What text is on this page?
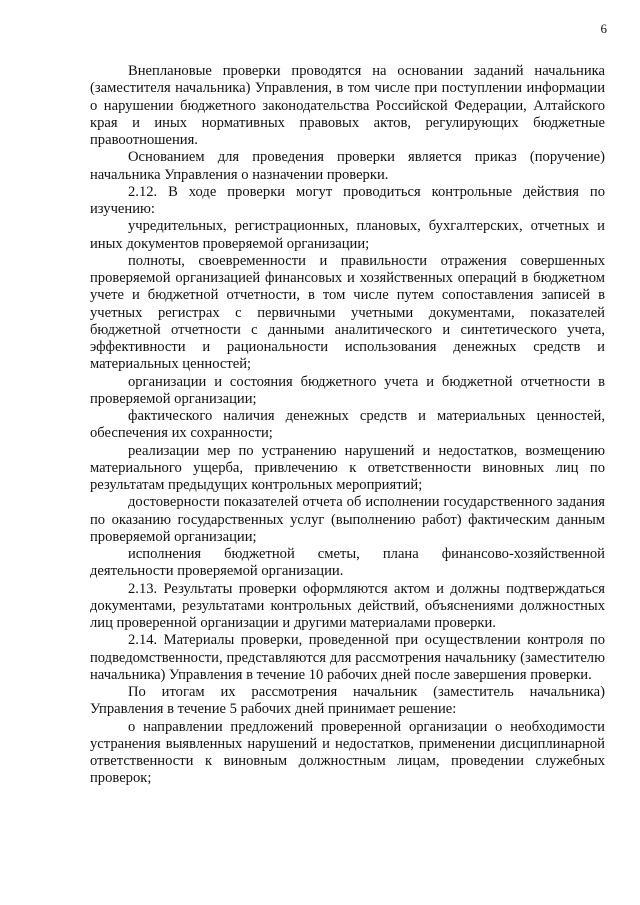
6

Внеплановые проверки проводятся на основании заданий начальника (заместителя начальника) Управления, в том числе при поступлении информации о нарушении бюджетного законодательства Российской Федерации, Алтайского края и иных нормативных правовых актов, регулирующих бюджетные правоотношения.

Основанием для проведения проверки является приказ (поручение) начальника Управления о назначении проверки.

2.12. В ходе проверки могут проводиться контрольные действия по изучению:

учредительных, регистрационных, плановых, бухгалтерских, отчетных и иных документов проверяемой организации;

полноты, своевременности и правильности отражения совершенных проверяемой организацией финансовых и хозяйственных операций в бюджетном учете и бюджетной отчетности, в том числе путем сопоставления записей в учетных регистрах с первичными учетными документами, показателей бюджетной отчетности с данными аналитического и синтетического учета, эффективности и рациональности использования денежных средств и материальных ценностей;

организации и состояния бюджетного учета и бюджетной отчетности в проверяемой организации;

фактического наличия денежных средств и материальных ценностей, обеспечения их сохранности;

реализации мер по устранению нарушений и недостатков, возмещению материального ущерба, привлечению к ответственности виновных лиц по результатам предыдущих контрольных мероприятий;

достоверности показателей отчета об исполнении государственного задания по оказанию государственных услуг (выполнению работ) фактическим данным проверяемой организации;

исполнения бюджетной сметы, плана финансово-хозяйственной деятельности проверяемой организации.

2.13. Результаты проверки оформляются актом и должны подтверждаться документами, результатами контрольных действий, объяснениями должностных лиц проверенной организации и другими материалами проверки.

2.14. Материалы проверки, проведенной при осуществлении контроля по подведомственности, представляются для рассмотрения начальнику (заместителю начальника) Управления в течение 10 рабочих дней после завершения проверки.

По итогам их рассмотрения начальник (заместитель начальника) Управления в течение 5 рабочих дней принимает решение:

о направлении предложений проверенной организации о необходимости устранения выявленных нарушений и недостатков, применении дисциплинарной ответственности к виновным должностным лицам, проведении служебных проверок;
